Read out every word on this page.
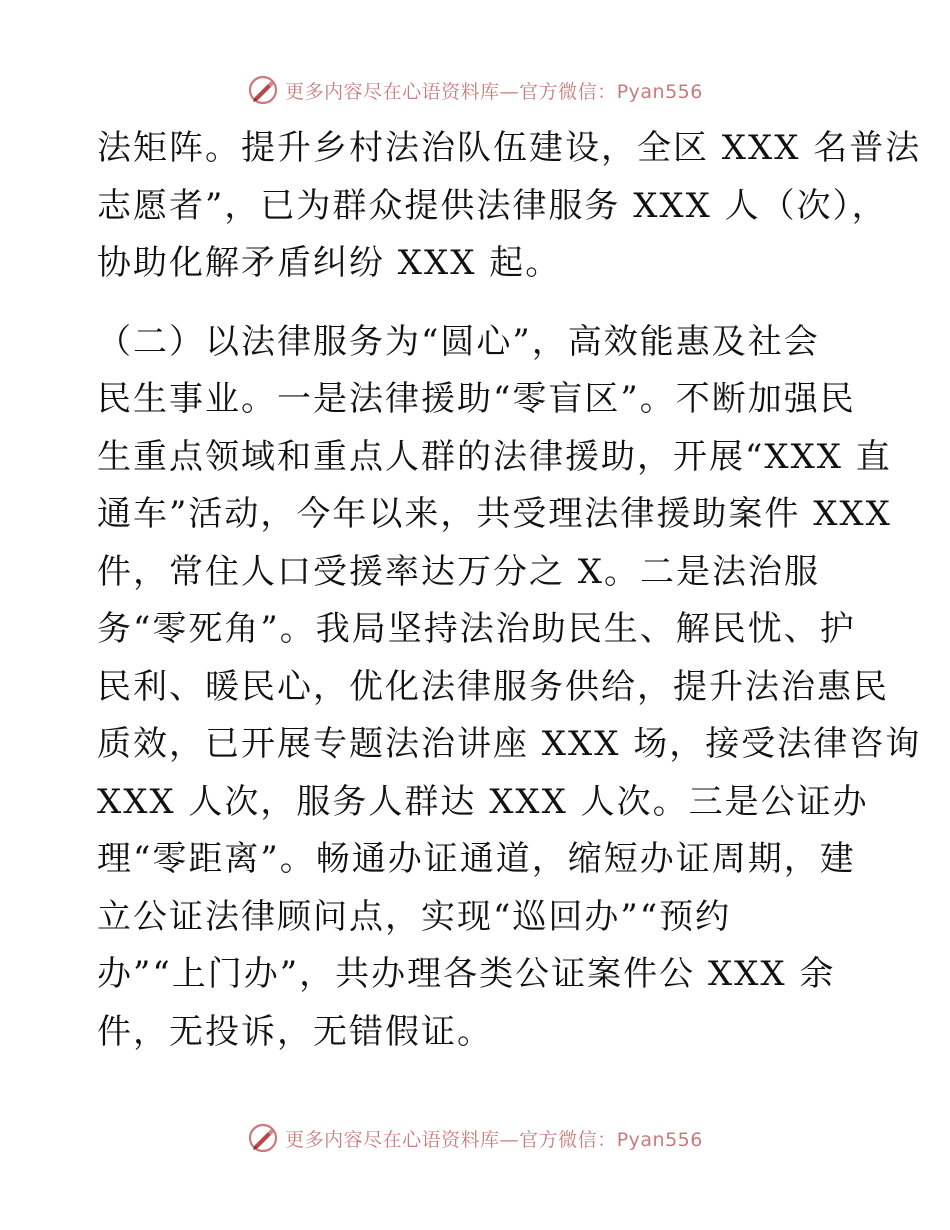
更多内容尽在心语资料库—官方微信：Pyan556
法矩阵。提升乡村法治队伍建设，全区 XXX 名普法
志愿者”，已为群众提供法律服务 XXX 人（次），
协助化解矛盾纠纷 XXX 起。
（二）以法律服务为“圆心”，高效能惠及社会
民生事业。一是法律援助“零盲区”。不断加强民
生重点领域和重点人群的法律援助，开展“XXX 直
通车”活动，今年以来，共受理法律援助案件 XXX
件，常住人口受援率达万分之 X。二是法治服
务“零死角”。我局坚持法治助民生、解民忧、护
民利、暖民心，优化法律服务供给，提升法治惠民
质效，已开展专题法治讲座 XXX 场，接受法律咨询
XXX 人次，服务人群达 XXX 人次。三是公证办
理“零距离”。畅通办证通道，缩短办证周期，建
立公证法律顾问点，实现“巡回办”“预约
办”“上门办”，共办理各类公证案件公 XXX 余
件，无投诉，无错假证。
更多内容尽在心语资料库—官方微信：Pyan556
